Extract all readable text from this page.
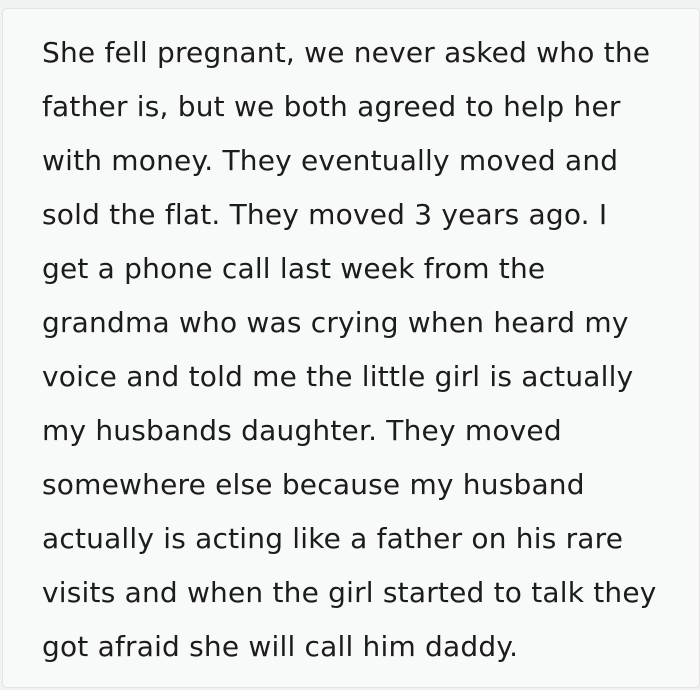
She fell pregnant, we never asked who the
father is, but we both agreed to help her
with money. They eventually moved and
sold the flat. They moved 3 years ago. I
get a phone call last week from the
grandma who was crying when heard my
voice and told me the little girl is actually
my husbands daughter. They moved
somewhere else because my husband
actually is acting like a father on his rare
visits and when the girl started to talk they
got afraid she will call him daddy.
